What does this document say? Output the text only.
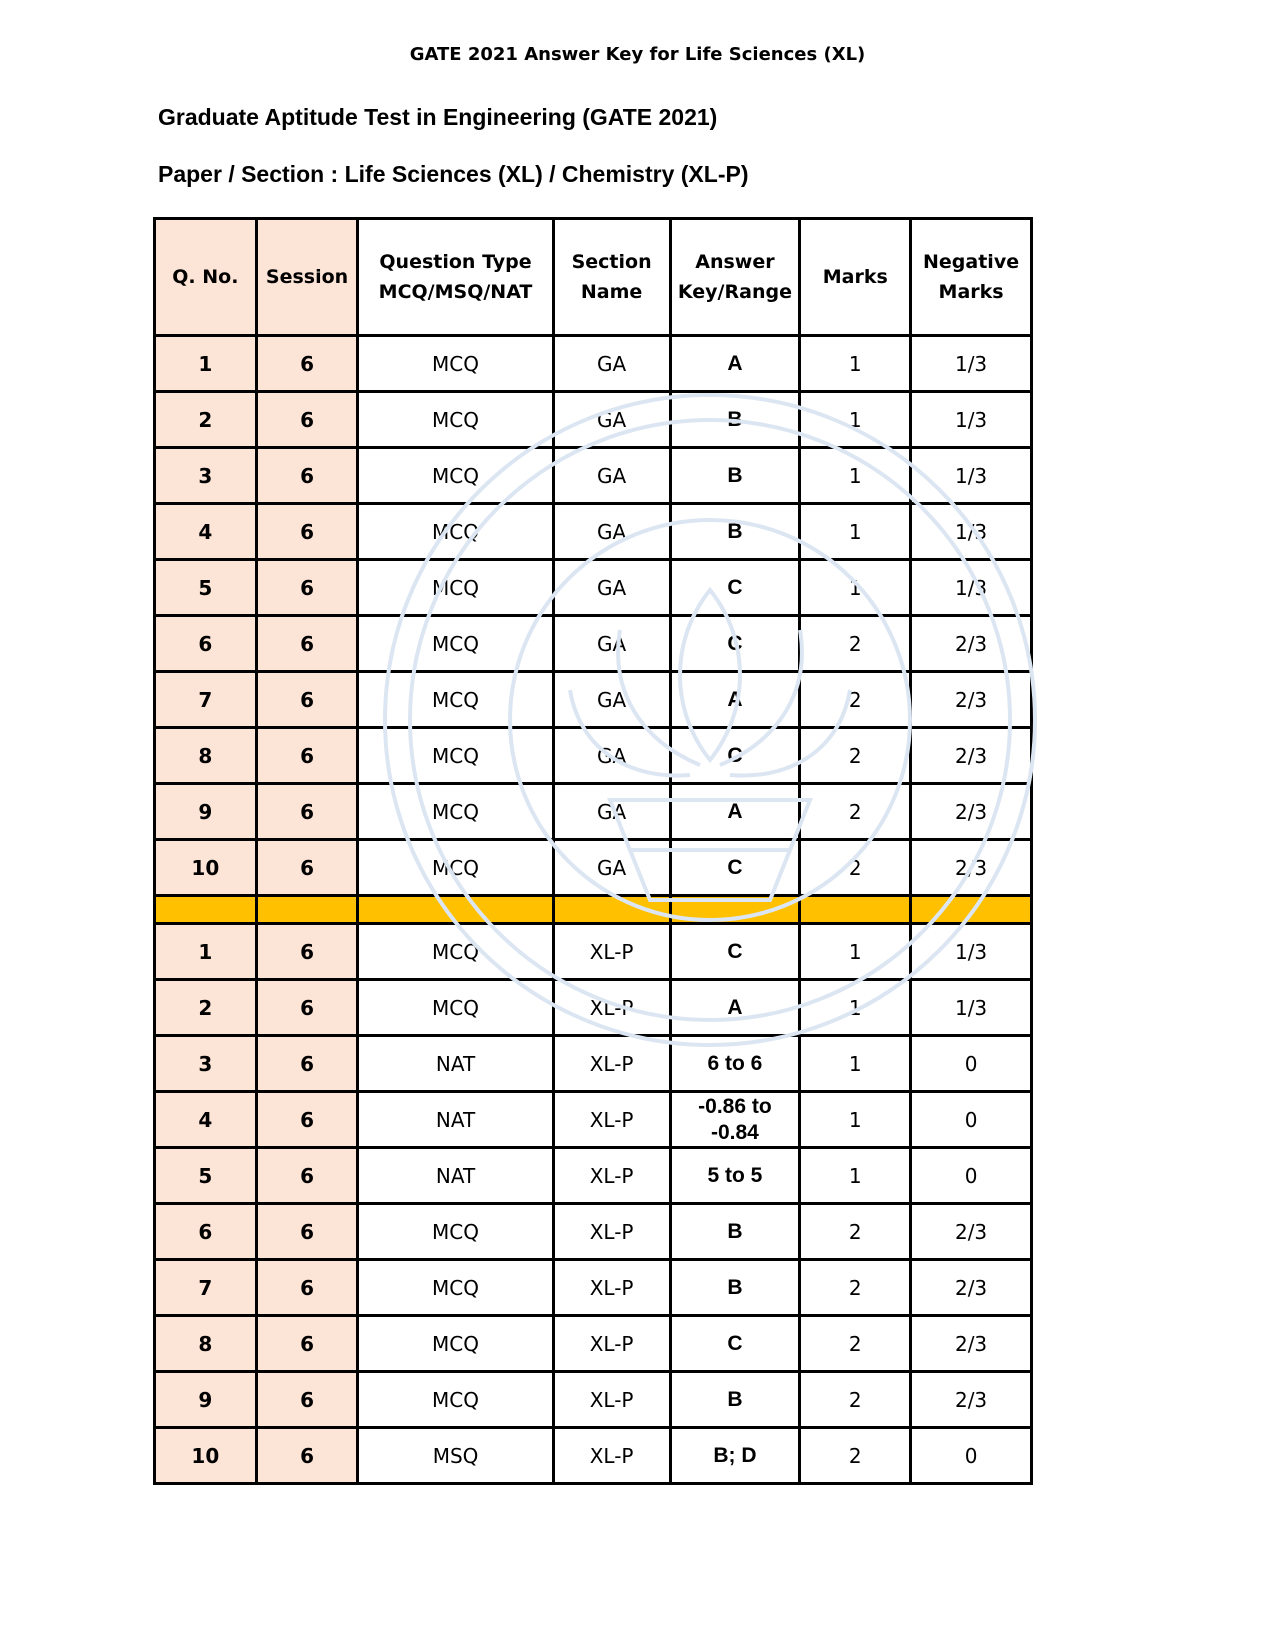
GATE 2021 Answer Key for Life Sciences (XL)
Graduate Aptitude Test in Engineering (GATE 2021)
Paper / Section : Life Sciences (XL) / Chemistry (XL-P)
Q. No.	Session	Question Type MCQ/MSQ/NAT	Section Name	Answer Key/Range	Marks	Negative Marks
1	6	MCQ	GA	A	1	1/3
2	6	MCQ	GA	B	1	1/3
3	6	MCQ	GA	B	1	1/3
4	6	MCQ	GA	B	1	1/3
5	6	MCQ	GA	C	1	1/3
6	6	MCQ	GA	C	2	2/3
7	6	MCQ	GA	A	2	2/3
8	6	MCQ	GA	C	2	2/3
9	6	MCQ	GA	A	2	2/3
10	6	MCQ	GA	C	2	2/3

1	6	MCQ	XL-P	C	1	1/3
2	6	MCQ	XL-P	A	1	1/3
3	6	NAT	XL-P	6 to 6	1	0
4	6	NAT	XL-P	-0.86 to -0.84	1	0
5	6	NAT	XL-P	5 to 5	1	0
6	6	MCQ	XL-P	B	2	2/3
7	6	MCQ	XL-P	B	2	2/3
8	6	MCQ	XL-P	C	2	2/3
9	6	MCQ	XL-P	B	2	2/3
10	6	MSQ	XL-P	B; D	2	0
